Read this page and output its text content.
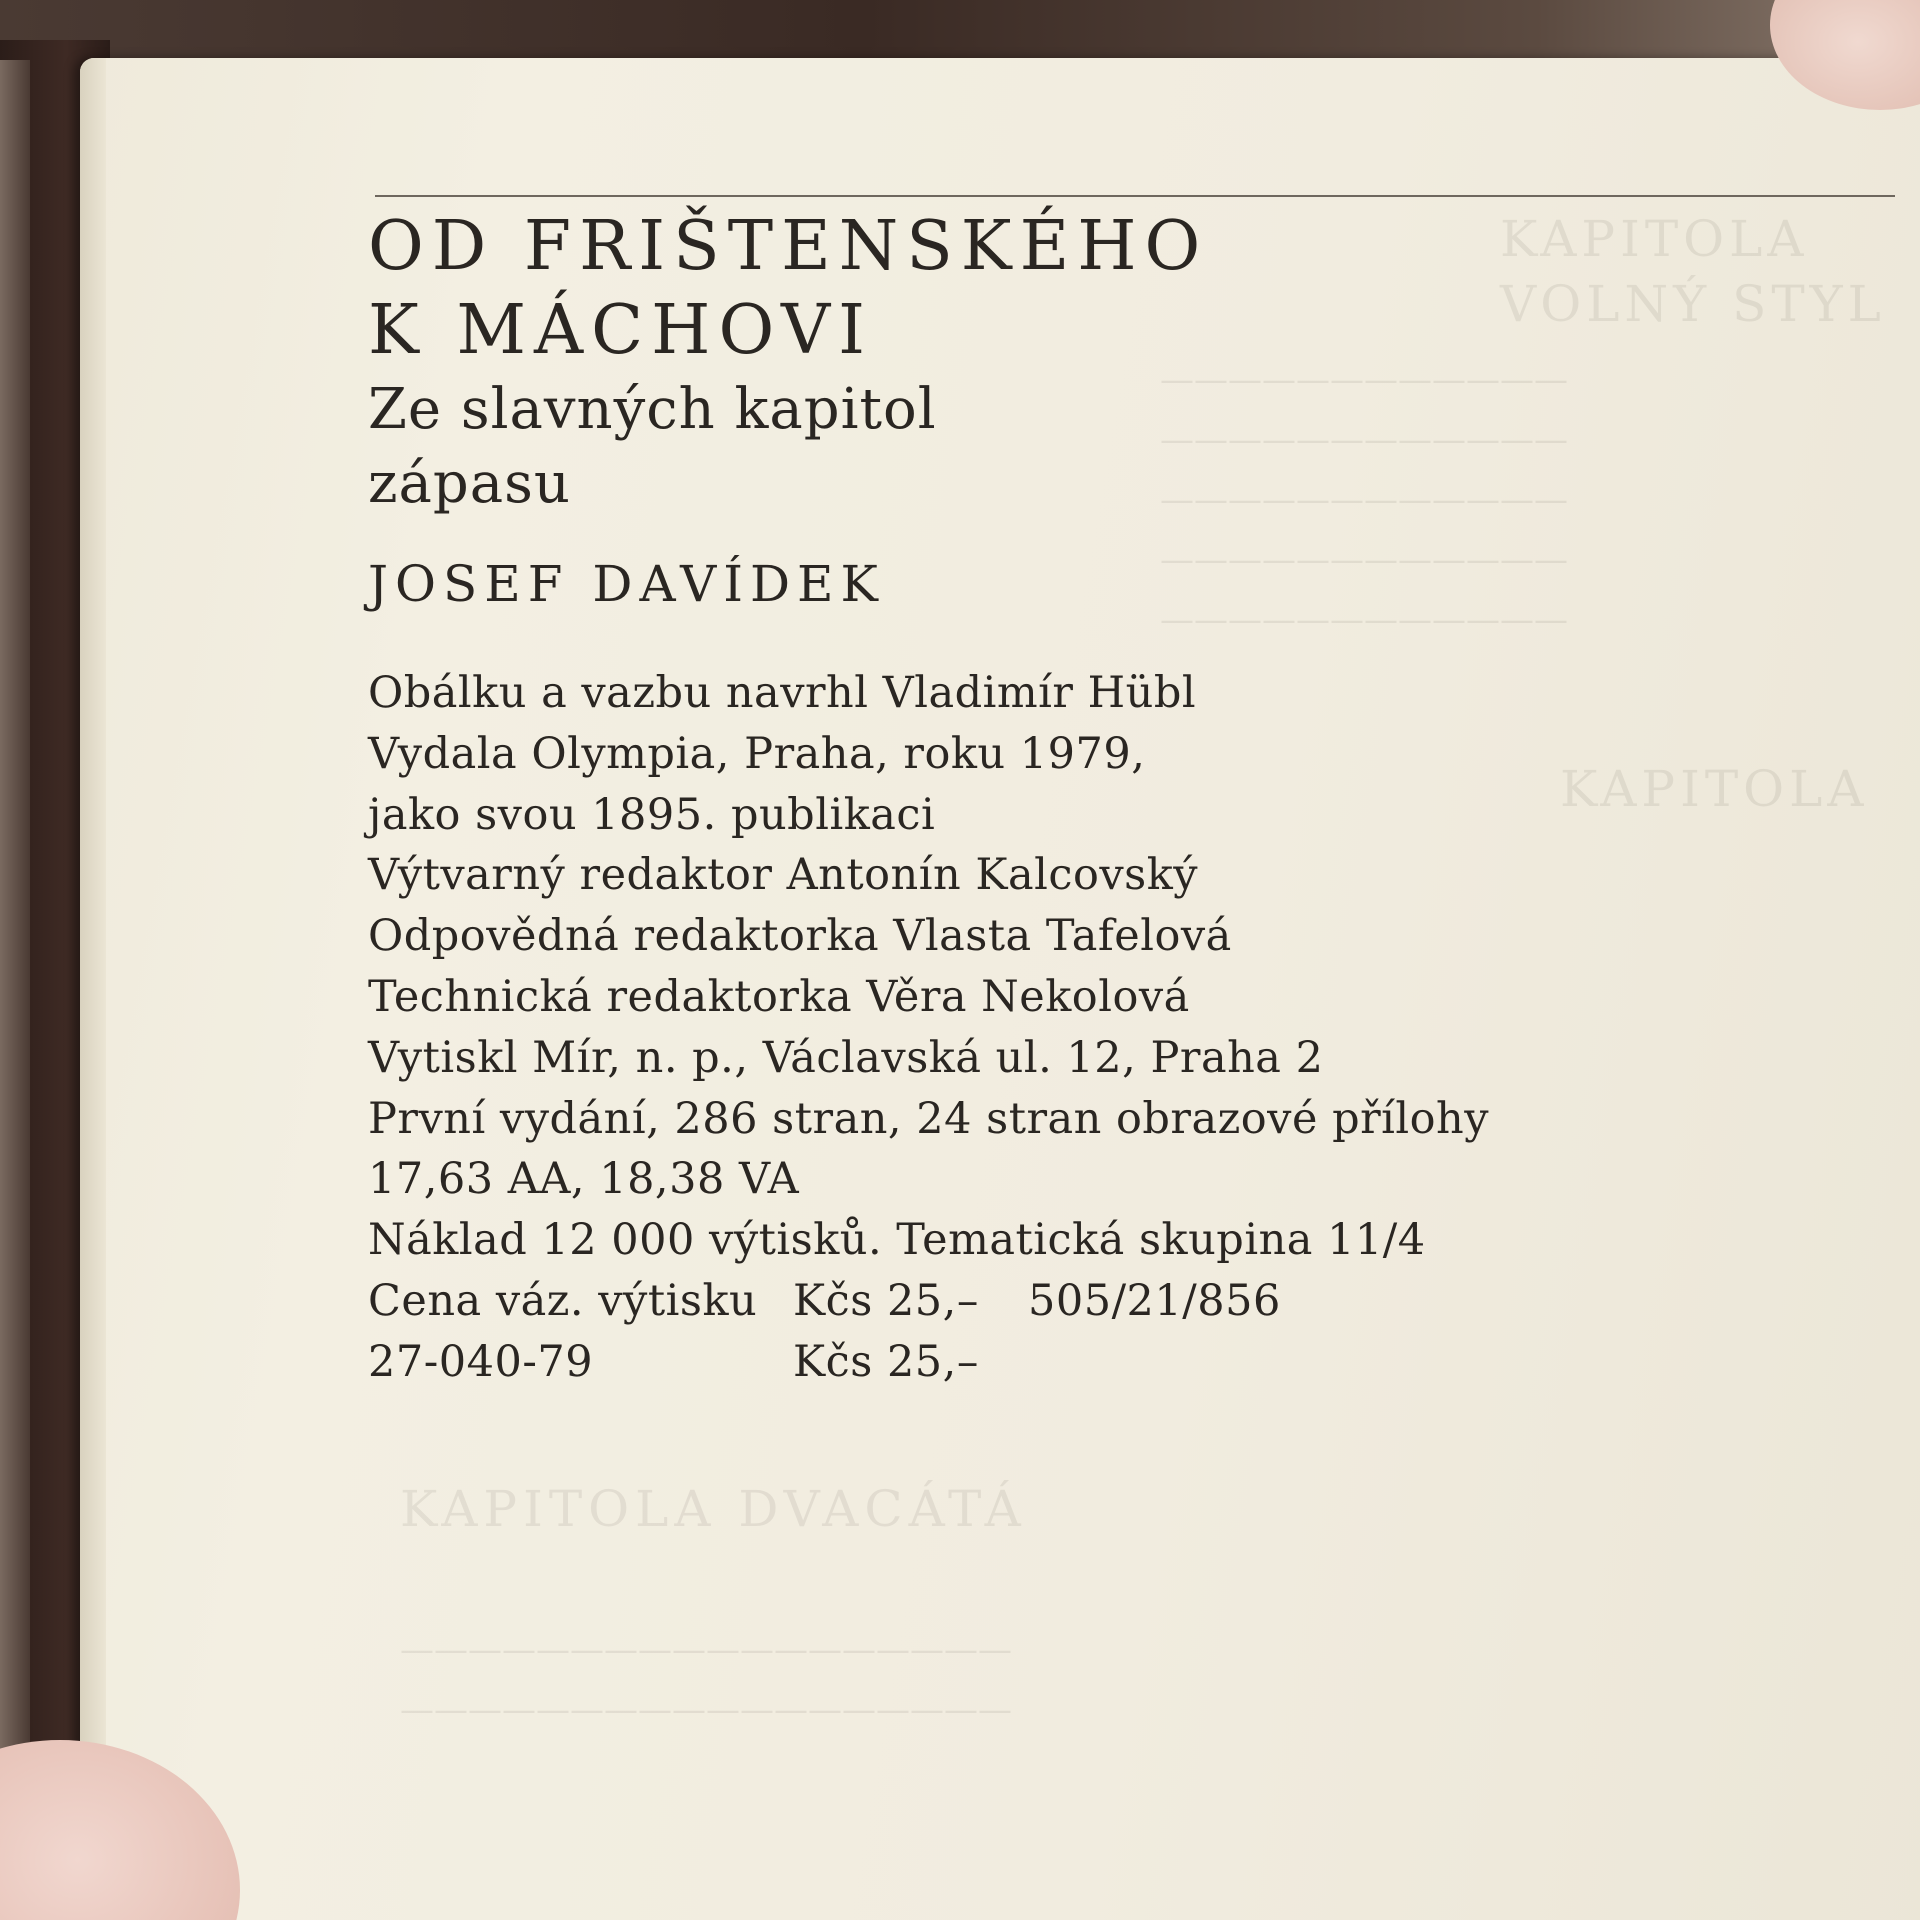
KAPITOLA
VOLNÝ STYL
————————————
————————————
————————————
————————————
————————————
KAPITOLA
KAPITOLA DVACÁTÁ
——————————————————
——————————————————
OD FRIŠTENSKÉHO
K MÁCHOVI
Ze slavných kapitol
zápasu
JOSEF DAVÍDEK
Obálku a vazbu navrhl Vladimír Hübl
Vydala Olympia, Praha, roku 1979,
jako svou 1895. publikaci
Výtvarný redaktor Antonín Kalcovský
Odpovědná redaktorka Vlasta Tafelová
Technická redaktorka Věra Nekolová
Vytiskl Mír, n. p., Václavská ul. 12, Praha 2
První vydání, 286 stran, 24 stran obrazové přílohy
17,63 AA, 18,38 VA
Náklad 12 000 výtisků. Tematická skupina 11/4
Cena váz. výtisku Kčs 25,– 505/21/856
27-040-79	Kčs 25,–
